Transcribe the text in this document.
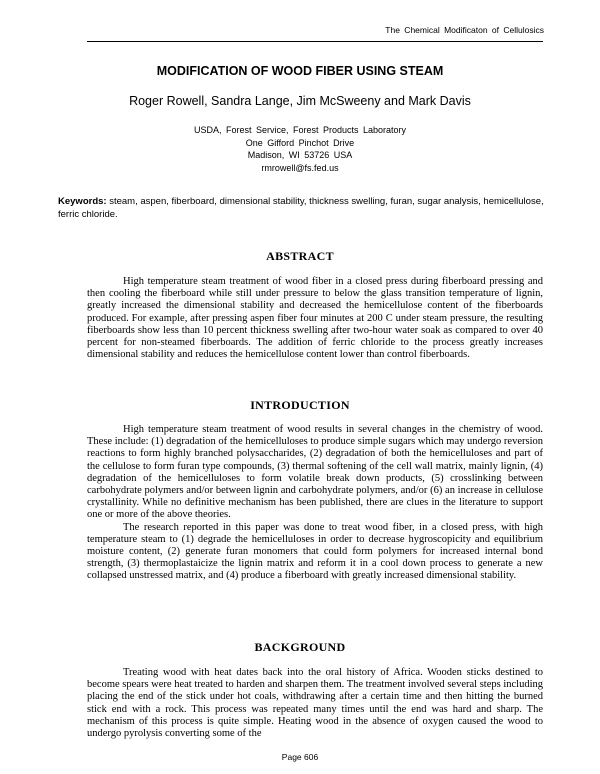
The Chemical Modificaton of Cellulosics
MODIFICATION OF WOOD FIBER USING STEAM
Roger Rowell, Sandra Lange, Jim McSweeny and Mark Davis
USDA, Forest Service, Forest Products Laboratory
One Gifford Pinchot Drive
Madison, WI 53726 USA
rmrowell@fs.fed.us
Keywords: steam, aspen, fiberboard, dimensional stability, thickness swelling, furan, sugar analysis, hemicellulose, ferric chloride.
ABSTRACT

High temperature steam treatment of wood fiber in a closed press during fiberboard pressing and then cooling the fiberboard while still under pressure to below the glass transition temperature of lignin, greatly increased the dimensional stability and decreased the hemicellulose content of the fiberboards produced. For example, after pressing aspen fiber four minutes at 200 C under steam pressure, the resulting fiberboards show less than 10 percent thickness swelling after two-hour water soak as compared to over 40 percent for non-steamed fiberboards. The addition of ferric chloride to the process greatly increases dimensional stability and reduces the hemicellulose content lower than control fiberboards.

INTRODUCTION

High temperature steam treatment of wood results in several changes in the chemistry of wood. These include: (1) degradation of the hemicelluloses to produce simple sugars which may undergo reversion reactions to form highly branched polysaccharides, (2) degradation of both the hemicelluloses and part of the cellulose to form furan type compounds, (3) thermal softening of the cell wall matrix, mainly lignin, (4) degradation of the hemicelluloses to form volatile break down products, (5) crosslinking between carbohydrate polymers and/or between lignin and carbohydrate polymers, and/or (6) an increase in cellulose crystallinity. While no definitive mechanism has been published, there are clues in the literature to support one or more of the above theories.

The research reported in this paper was done to treat wood fiber, in a closed press, with high temperature steam to (1) degrade the hemicelluloses in order to decrease hygroscopicity and equilibrium moisture content, (2) generate furan monomers that could form polymers for increased internal bond strength, (3) thermoplastaicize the lignin matrix and reform it in a cool down process to generate a new collapsed unstressed matrix, and (4) produce a fiberboard with greatly increased dimensional stability.

BACKGROUND

Treating wood with heat dates back into the oral history of Africa. Wooden sticks destined to become spears were heat treated to harden and sharpen them. The treatment involved several steps including placing the end of the stick under hot coals, withdrawing after a certain time and then hitting the burned stick end with a rock. This process was repeated many times until the end was hard and sharp. The mechanism of this process is quite simple. Heating wood in the absence of oxygen caused the wood to undergo pyrolysis converting some of the

Page 606
